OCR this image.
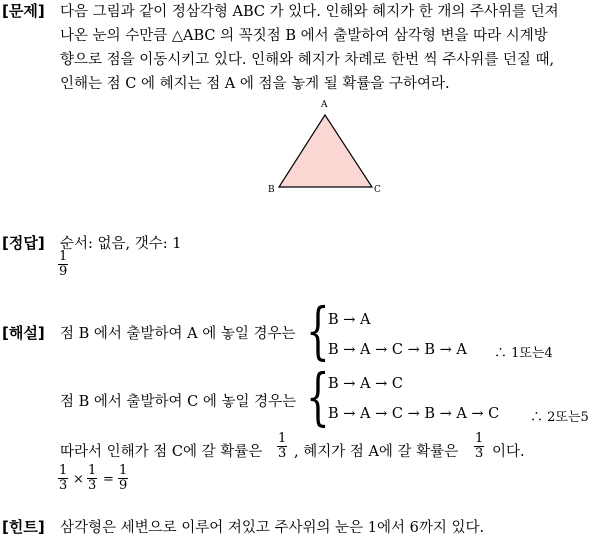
[문제] 다음 그림과 같이 정삼각형 ABC 가 있다. 인해와 혜지가 한 개의 주사위를 던져
나온 눈의 수만큼 △ABC 의 꼭짓점 B 에서 출발하여 삼각형 변을 따라 시계방
향으로 점을 이동시키고 있다. 인해와 혜지가 차례로 한번 씩 주사위를 던질 때,
인해는 점 C 에 혜지는 점 A 에 점을 놓게 될 확률을 구하여라.
A
B	C
[정답] 순서: 없음, 갯수: 1
$\frac{1}{9}$
[해설] 점 B 에서 출발하여 A 에 놓일 경우는 {
B → A
B → A → C → B → A ∴ 1또는4
점 B 에서 출발하여 C 에 놓일 경우는 {
B → A → C
B → A → C → B → A → C ∴ 2또는5
따라서 인해가 점 C에 갈 확률은 $\frac{1}{3}$ , 혜지가 점 A에 갈 확률은 $\frac{1}{3}$ 이다.
$\frac{1}{3} \times \frac{1}{3} = \frac{1}{9}$
[힌트] 삼각형은 세변으로 이루어 져있고 주사위의 눈은 1에서 6까지 있다.
